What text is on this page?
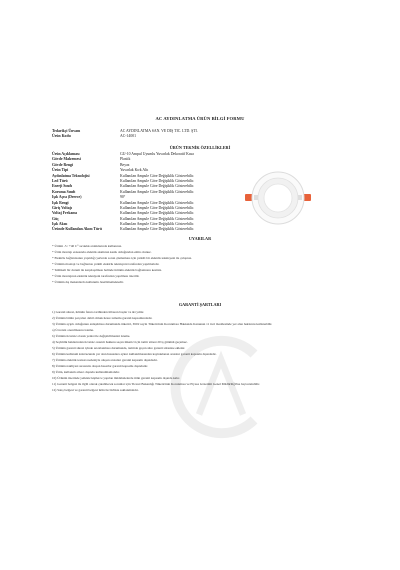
AC AYDINLATMA ÜRÜN BİLGİ FORMU
Tedarikçi Ünvanı	AC AYDINLATMA SAN. VE DIŞ TİC. LTD. ŞTİ.
Ürün Kodu	AC-14001
ÜRÜN TEKNİK ÖZELLİKLERİ
Ürün Açıklaması	GU-10 Ampul Uyumlu Yuvarlak Dekoratif Kasa
Gövde Malzemesi	Plastik
Gövde Rengi	Beyaz
Ürün Tipi	Yuvarlak Kırk Altı
Aydınlatma Teknolojisi	Kullanılan Ampule Göre Değişiklik Gösterebilir.
Led Türü	Kullanılan Ampule Göre Değişiklik Gösterebilir.
Enerji Sınıfı	Kullanılan Ampule Göre Değişiklik Gösterebilir.
Koruma Sınıfı	Kullanılan Ampule Göre Değişiklik Gösterebilir.
Işık Açısı (Derece)	90°
Işık Rengi	Kullanılan Ampule Göre Değişiklik Gösterebilir.
Giriş Voltajı	Kullanılan Ampule Göre Değişiklik Gösterebilir.
Voltaj Frekansı	Kullanılan Ampule Göre Değişiklik Gösterebilir.
Güç	Kullanılan Ampule Göre Değişiklik Gösterebilir.
Işık Akısı	Kullanılan Ampule Göre Değişiklik Gösterebilir.
Üründe Kullanılan Akım Türü	Kullanılan Ampule Göre Değişiklik Gösterebilir.
UYARILAR

* Ürünü -5 / +40 C° sıcaklık aralıklarında kullanınız.

* Ürün montajı esnasında elektrik akımının kesik olduğundan emin olunuz.

* Elektrik bağlantısının yapıldığı yerlerde sorun çıkmaması için yetkili bir elektrik teknisyeni ile çalışınız.

* Ürünün montajı ve bağlantısı yetkili elektrik teknisyeni tarafından yapılmalıdır.

* Tehlikeli bir durum ile karşılaşılması halinde ürünün elektrik bağlantısını kesiniz.

* Ürün montajının elektrik tekniyeni tarafından yapılması önerilir.

* Ürünün dış mekanlarda kullanımı önerilmemektedir.

GARANTİ ŞARTLARI

1) Garanti süresi, ürünün fatura tarihinden itibaren başlar ve iki yıldır.

2) Ürünün bütün parçaları dahil olmak üzere tamamı garanti kapsamındadır.

3) Ürünün ayıplı olduğunun anlaşılması durumunda tüketici, 6502 sayılı Tüketicinin Korunması Hakkında Kanunun 11 inci maddesinde yer alan haklarını kullanabilir.

a) Ücretsiz onarılmasını isteme.

b) Ürünün ücretsiz olarak yenisi ile değiştirilmesini isteme.

4) Seçimlik haklarından ücretsiz onarım hakkını seçen tüketici için tamir süresi 20 iş gününü geçemez.

5) Ürünün garanti süresi içinde arızalanması durumunda, tamirde geçen süre garanti süresine eklenir.

6) Ürünün kullanım kılavuzunda yer alan hususlara aykırı kullanılmasından kaynaklanan arızalar garanti kapsamı dışındadır.

7) Ürünün elektrik tesisatı nedeniyle oluşan arızaları garanti kapsamı dışındadır.

8) Ürünün nakliyesi sırasında oluşan hasarlar garanti kapsamı dışındadır.

9) Ürün, kullanım amacı dışında kullanılmamalıdır.

10) Ürünün üzerinde yetkisiz kişilerce yapılan müdahalelerde ürün garanti kapsamı dışında kalır.

11) Garanti belgesi ile ilgili olarak çıkabilecek sorunlar için Ticaret Bakanlığı Tüketicinin Korunması ve Piyasa Gözetimi Genel Müdürlüğü'ne başvurulabilir.

12) Satış belgesi ve garanti belgesi ürün ile birlikte saklanmalıdır.
